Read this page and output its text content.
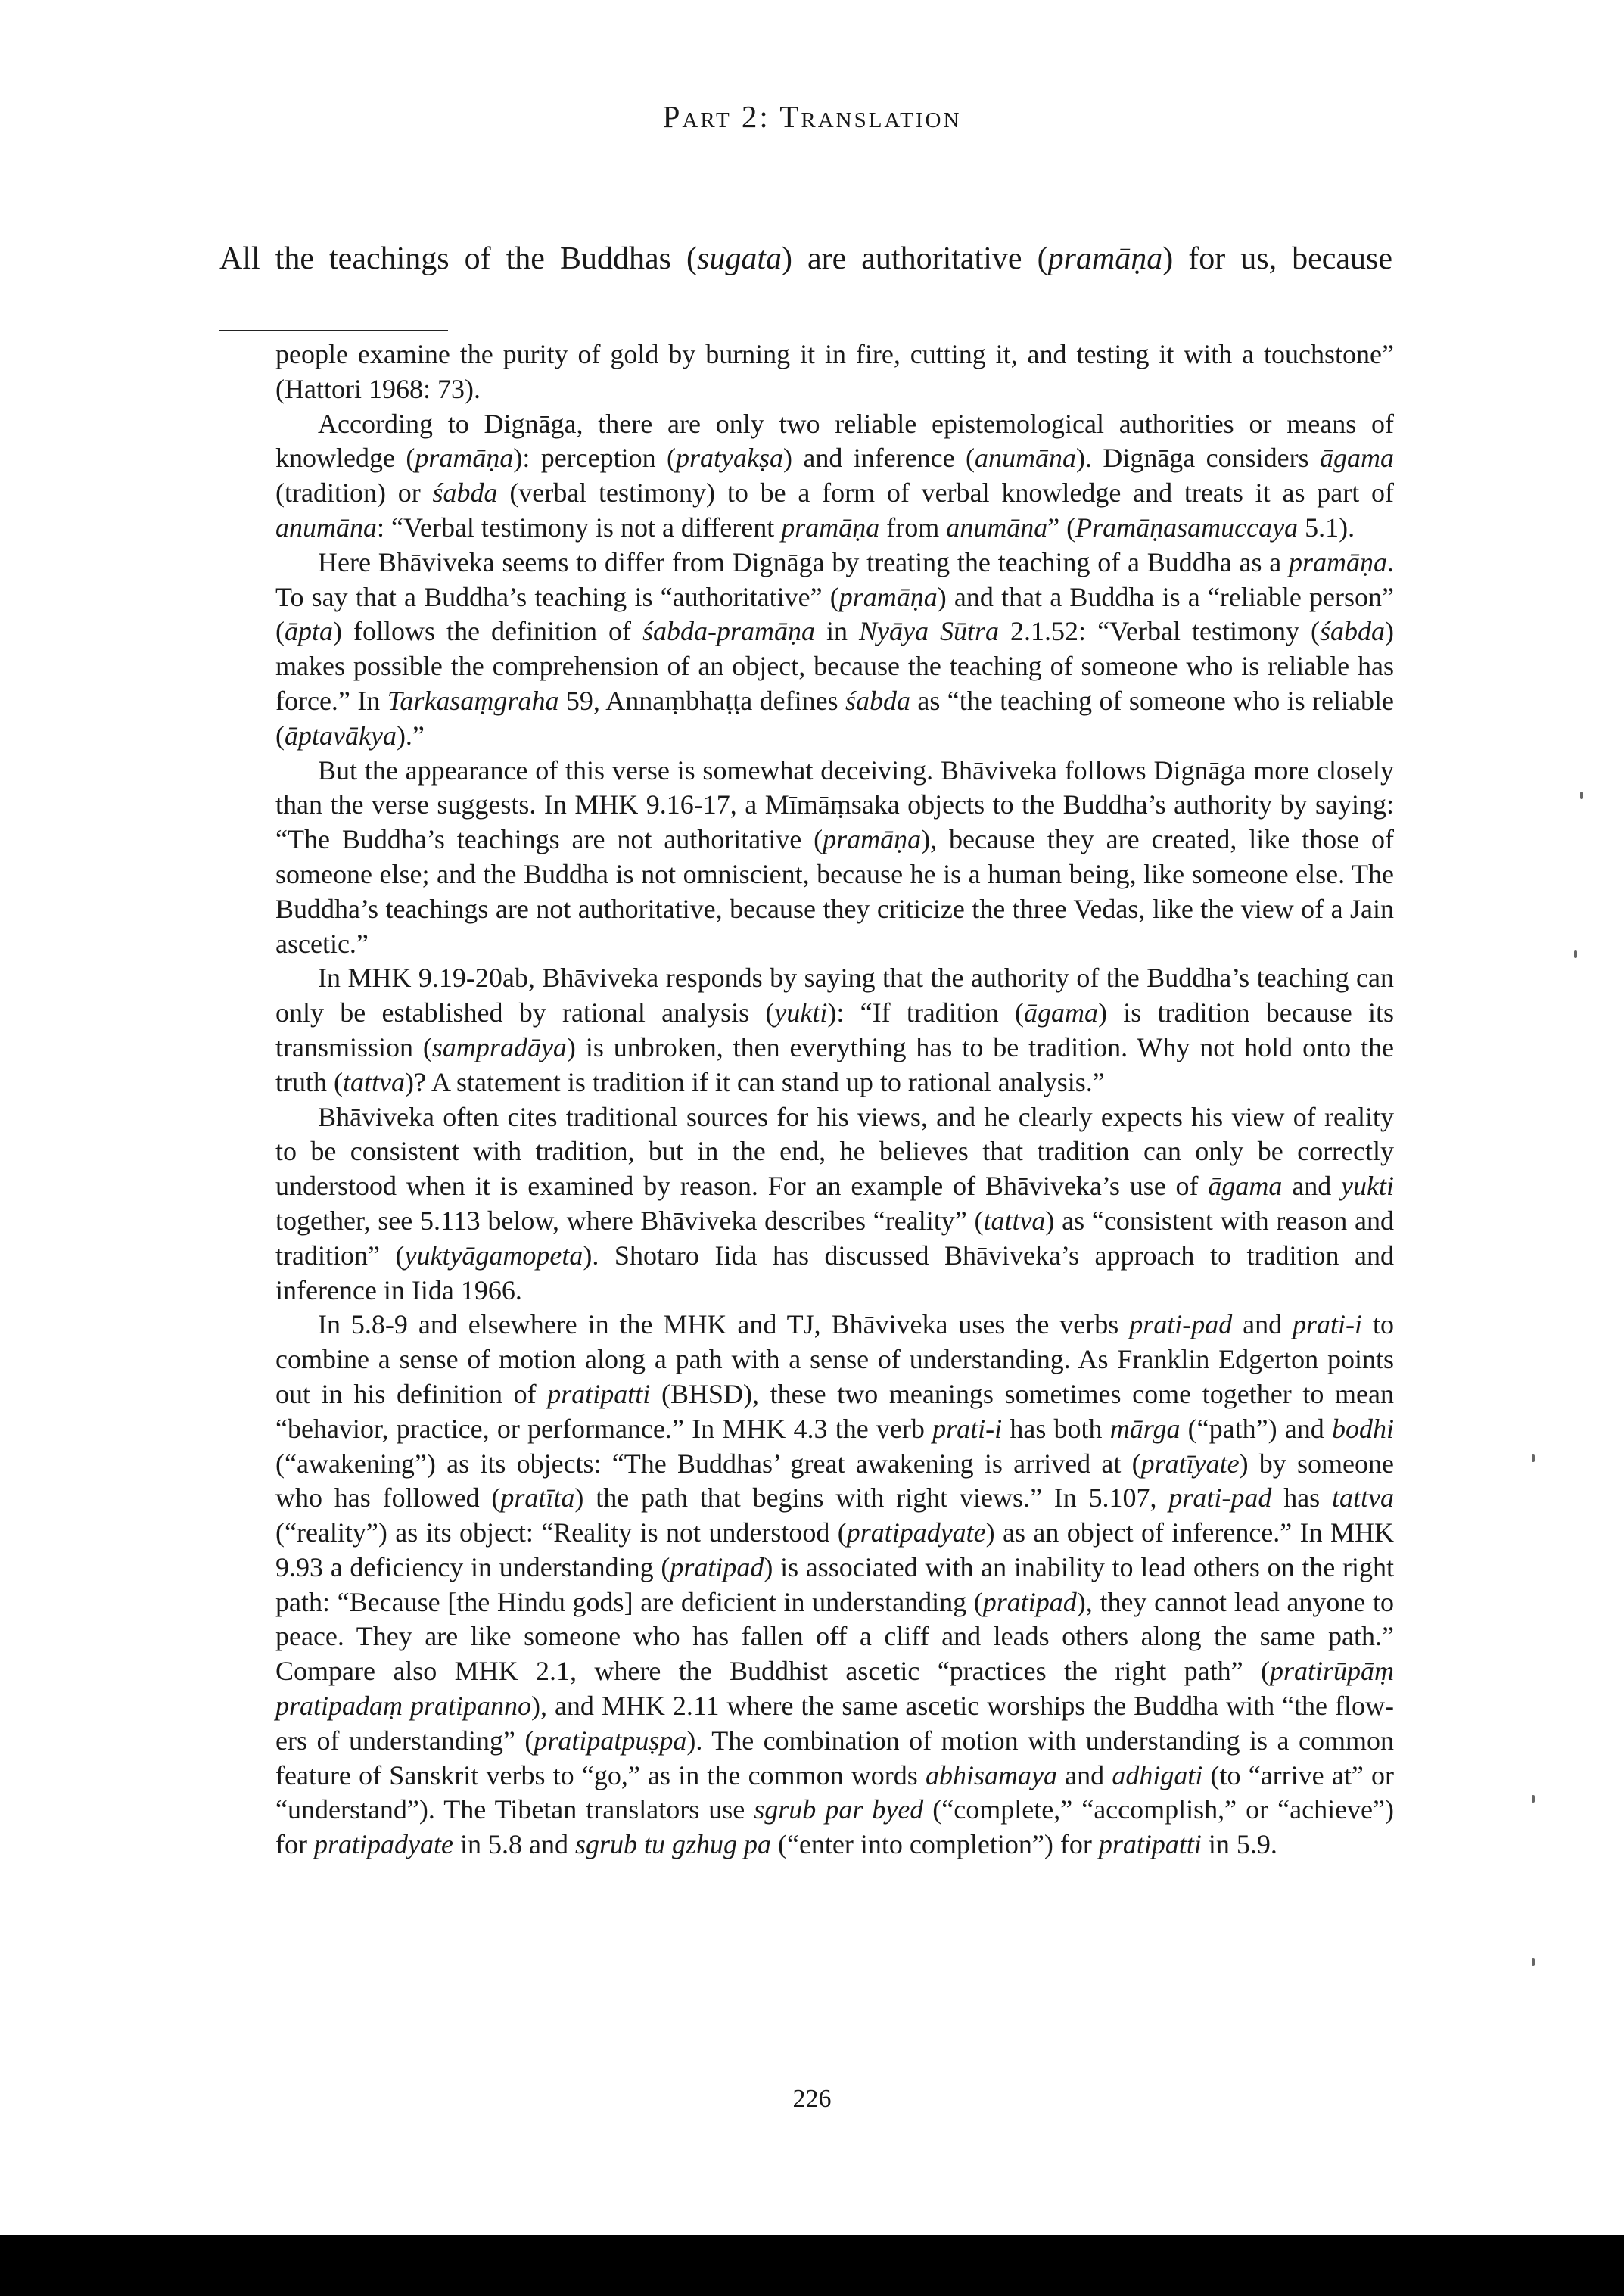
Part 2: Translation
All the teachings of the Buddhas (sugata) are authoritative (pramāṇa) for us, because

people examine the purity of gold by burning it in fire, cutting it, and testing it with a touchstone” (Hattori 1968: 73).

According to Dignāga, there are only two reliable epistemological authorities or means of knowledge (pramāṇa): perception (pratyakṣa) and inference (anumāna). Dignāga considers āgama (tradition) or śabda (verbal testimony) to be a form of verbal knowledge and treats it as part of anumāna: “Verbal testimony is not a different pramāṇa from anumāna” (Pramāṇasamuccaya 5.1).

Here Bhāviveka seems to differ from Dignāga by treating the teaching of a Buddha as a pramāṇa. To say that a Buddha’s teaching is “authoritative” (pramāṇa) and that a Buddha is a “reliable person” (āpta) follows the definition of śabda-pramāṇa in Nyāya Sūtra 2.1.52: “Verbal testimony (śabda) makes possible the comprehension of an object, because the teaching of someone who is reliable has force.” In Tarkasaṃgraha 59, Annaṃbhaṭṭa defines śabda as “the teaching of someone who is reliable (āptavākya).”

But the appearance of this verse is somewhat deceiving. Bhāviveka follows Dignāga more closely than the verse suggests. In MHK 9.16-17, a Mīmāṃsaka objects to the Buddha’s authority by saying: “The Buddha’s teachings are not authoritative (pramāṇa), because they are created, like those of someone else; and the Buddha is not omniscient, because he is a human being, like someone else. The Buddha’s teachings are not authoritative, because they criticize the three Vedas, like the view of a Jain ascetic.”

In MHK 9.19-20ab, Bhāviveka responds by saying that the authority of the Buddha’s teaching can only be established by rational analysis (yukti): “If tradition (āgama) is tradition because its transmission (sampradāya) is unbroken, then everything has to be tradition. Why not hold onto the truth (tattva)? A statement is tradition if it can stand up to rational analysis.”

Bhāviveka often cites traditional sources for his views, and he clearly expects his view of reality to be consistent with tradition, but in the end, he believes that tradition can only be correctly understood when it is examined by reason. For an example of Bhāviveka’s use of āgama and yukti together, see 5.113 below, where Bhāviveka describes “reality” (tattva) as “consistent with reason and tradition” (yuktyāgamopeta). Shotaro Iida has discussed Bhāviveka’s approach to tradition and inference in Iida 1966.

In 5.8-9 and elsewhere in the MHK and TJ, Bhāviveka uses the verbs prati-pad and prati-i to combine a sense of motion along a path with a sense of understanding. As Franklin Edgerton points out in his definition of pratipatti (BHSD), these two meanings sometimes come together to mean “behavior, practice, or performance.” In MHK 4.3 the verb prati-i has both mārga (“path”) and bodhi (“awakening”) as its objects: “The Buddhas’ great awakening is arrived at (pratīyate) by someone who has followed (pratīta) the path that begins with right views.” In 5.107, prati-pad has tattva (“reality”) as its object: “Reality is not understood (pratipadyate) as an object of inference.” In MHK 9.93 a deficiency in understanding (pratipad) is associated with an inability to lead others on the right path: “Because [the Hindu gods] are deficient in understanding (pratipad), they cannot lead anyone to peace. They are like someone who has fallen off a cliff and leads others along the same path.” Compare also MHK 2.1, where the Buddhist ascetic “practices the right path” (pratirūpāṃ pratipadaṃ pratipanno), and MHK 2.11 where the same ascetic worships the Buddha with “the flowers of understanding” (pratipatpuṣpa). The combination of motion with understanding is a common feature of Sanskrit verbs to “go,” as in the common words abhisamaya and adhigati (to “arrive at” or “understand”). The Tibetan translators use sgrub par byed (“complete,” “accomplish,” or “achieve”) for pratipadyate in 5.8 and sgrub tu gzhug pa (“enter into completion”) for pratipatti in 5.9.

226
